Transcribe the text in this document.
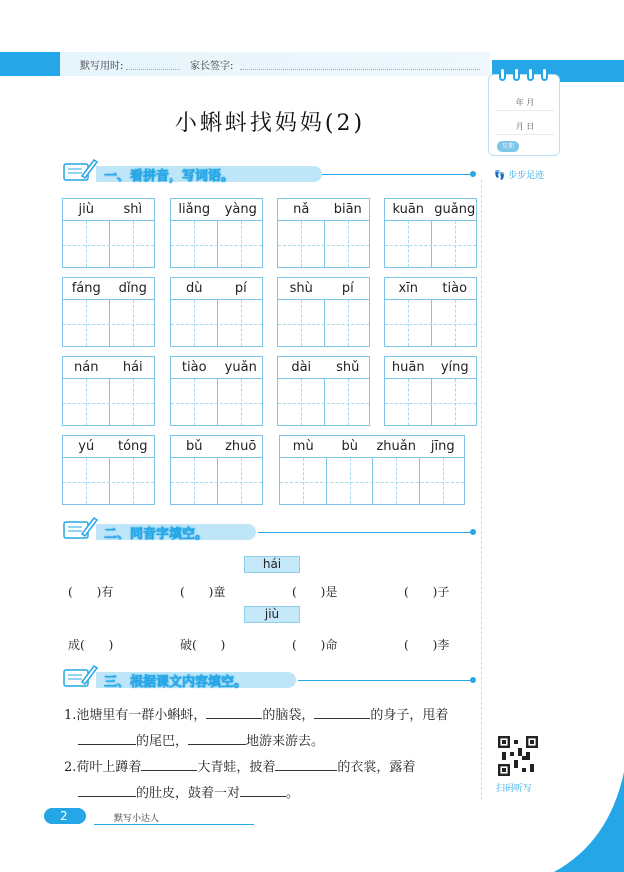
默写用时:	家长签字:
年 月
月 日
星期
👣 步步足迹
小蝌蚪找妈妈(2)
一、看拼音，写词语。
jiù	shì	liǎng	yàng	nǎ	biān	kuān guǎng
fáng	dǐng	dù	pí	shù	pí	xīn	tiào
nán	hái	tiào	yuǎn	dài	shǔ	huān	yíng
yú	tóng	bǔ	zhuō	mù	bù	zhuǎn	jīng
二、同音字填空。
hái
(　　)有	(　　)童	(　　)是	(　　)子
jiù
成(　　)	破(　　)	(　　)命	(　　)李
三、根据课文内容填空。
1.池塘里有一群小蝌蚪，	的脑袋，	的身子，甩着
的尾巴，	地游来游去。
2.荷叶上蹲着	大青蛙，披着	的衣裳，露着
的肚皮，鼓着一对	。	扫码听写
2	默写小达人
